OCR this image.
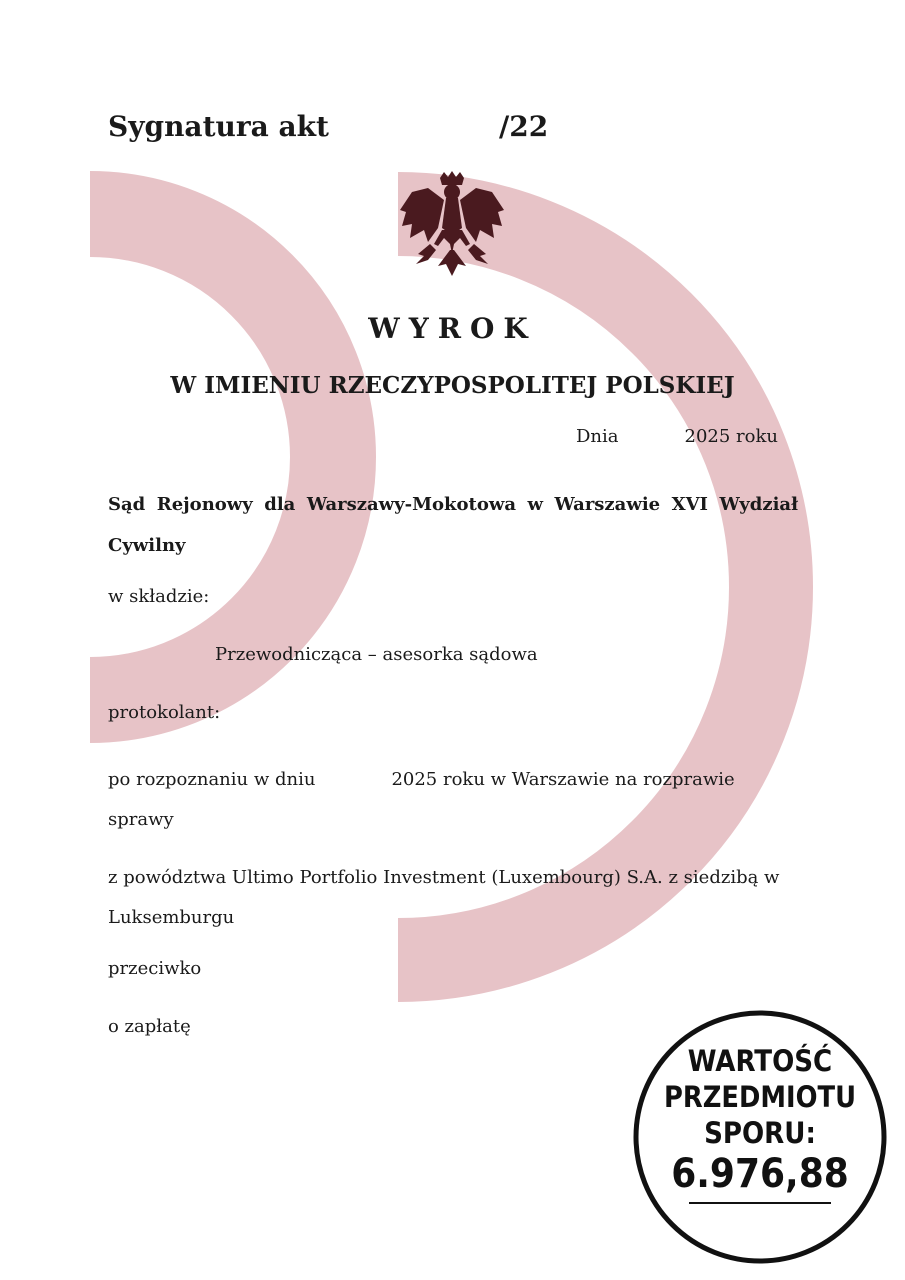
Sygnatura akt	/22
WYROK
W IMIENIU RZECZYPOSPOLITEJ POLSKIEJ
Dnia	2025 roku
Sąd Rejonowy dla Warszawy-Mokotowa w Warszawie XVI Wydział Cywilny
w składzie:
Przewodnicząca – asesorka sądowa
protokolant:
po rozpoznaniu w dniu	2025 roku w Warszawie na rozprawie sprawy
z powództwa Ultimo Portfolio Investment (Luxembourg) S.A. z siedzibą w Luksemburgu
przeciwko
o zapłatę
WARTOŚĆ
PRZEDMIOTU
SPORU:
6.976,88
